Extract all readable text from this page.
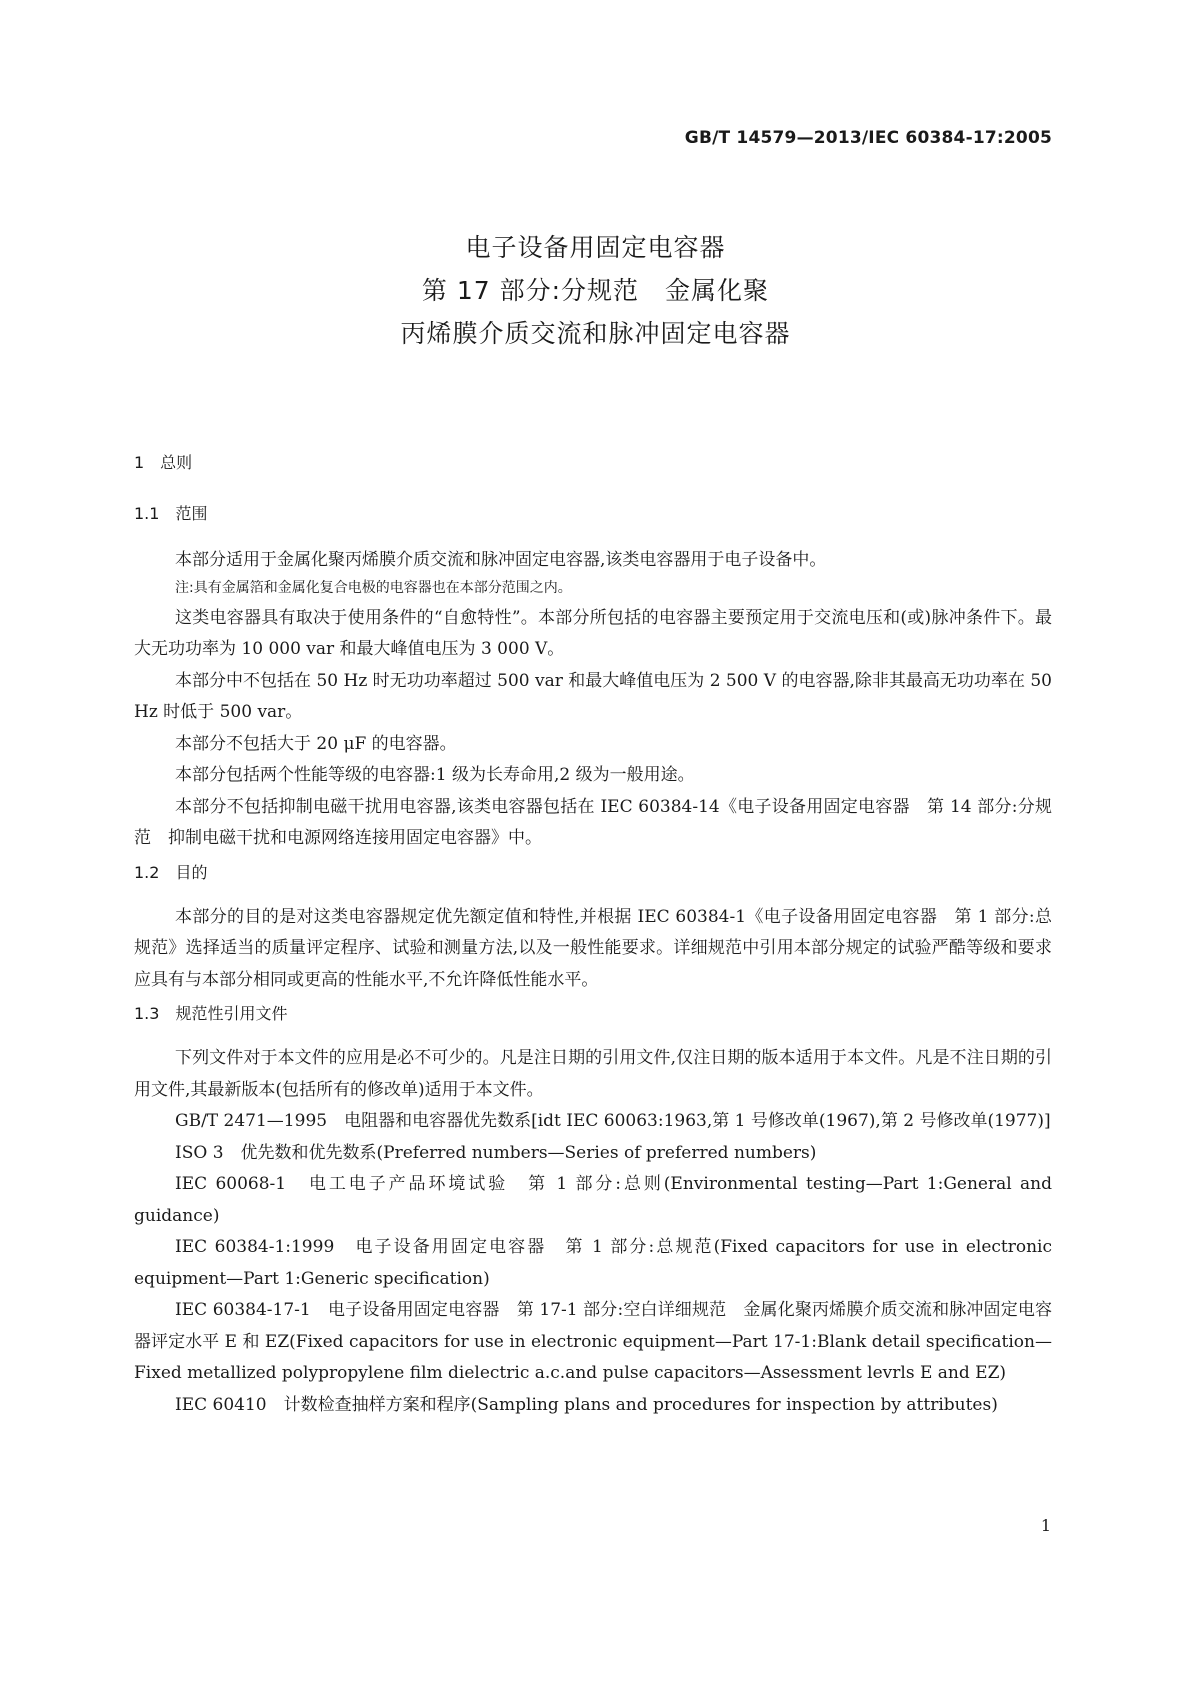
GB/T 14579—2013/IEC 60384-17:2005
电子设备用固定电容器
第 17 部分:分规范　金属化聚
丙烯膜介质交流和脉冲固定电容器
1　总则
1.1　范围

本部分适用于金属化聚丙烯膜介质交流和脉冲固定电容器,该类电容器用于电子设备中。

注:具有金属箔和金属化复合电极的电容器也在本部分范围之内。

这类电容器具有取决于使用条件的“自愈特性”。本部分所包括的电容器主要预定用于交流电压和(或)脉冲条件下。最大无功功率为 10 000 var 和最大峰值电压为 3 000 V。

本部分中不包括在 50 Hz 时无功功率超过 500 var 和最大峰值电压为 2 500 V 的电容器,除非其最高无功功率在 50 Hz 时低于 500 var。

本部分不包括大于 20 μF 的电容器。

本部分包括两个性能等级的电容器:1 级为长寿命用,2 级为一般用途。

本部分不包括抑制电磁干扰用电容器,该类电容器包括在 IEC 60384-14《电子设备用固定电容器　第 14 部分:分规范　抑制电磁干扰和电源网络连接用固定电容器》中。

1.2　目的

本部分的目的是对这类电容器规定优先额定值和特性,并根据 IEC 60384-1《电子设备用固定电容器　第 1 部分:总规范》选择适当的质量评定程序、试验和测量方法,以及一般性能要求。详细规范中引用本部分规定的试验严酷等级和要求应具有与本部分相同或更高的性能水平,不允许降低性能水平。

1.3　规范性引用文件

下列文件对于本文件的应用是必不可少的。凡是注日期的引用文件,仅注日期的版本适用于本文件。凡是不注日期的引用文件,其最新版本(包括所有的修改单)适用于本文件。

GB/T 2471—1995　电阻器和电容器优先数系[idt IEC 60063:1963,第 1 号修改单(1967),第 2 号修改单(1977)]

ISO 3　优先数和优先数系(Preferred numbers—Series of preferred numbers)

IEC 60068-1　电工电子产品环境试验　第 1 部分:总则(Environmental testing—Part 1:General and guidance)

IEC 60384-1:1999　电子设备用固定电容器　第 1 部分:总规范(Fixed capacitors for use in electronic equipment—Part 1:Generic specification)

IEC 60384-17-1　电子设备用固定电容器　第 17-1 部分:空白详细规范　金属化聚丙烯膜介质交流和脉冲固定电容器评定水平 E 和 EZ(Fixed capacitors for use in electronic equipment—Part 17-1:Blank detail specification—Fixed metallized polypropylene film dielectric a.c.and pulse capacitors—Assessment levrls E and EZ)

IEC 60410　计数检查抽样方案和程序(Sampling plans and procedures for inspection by attributes)

1
